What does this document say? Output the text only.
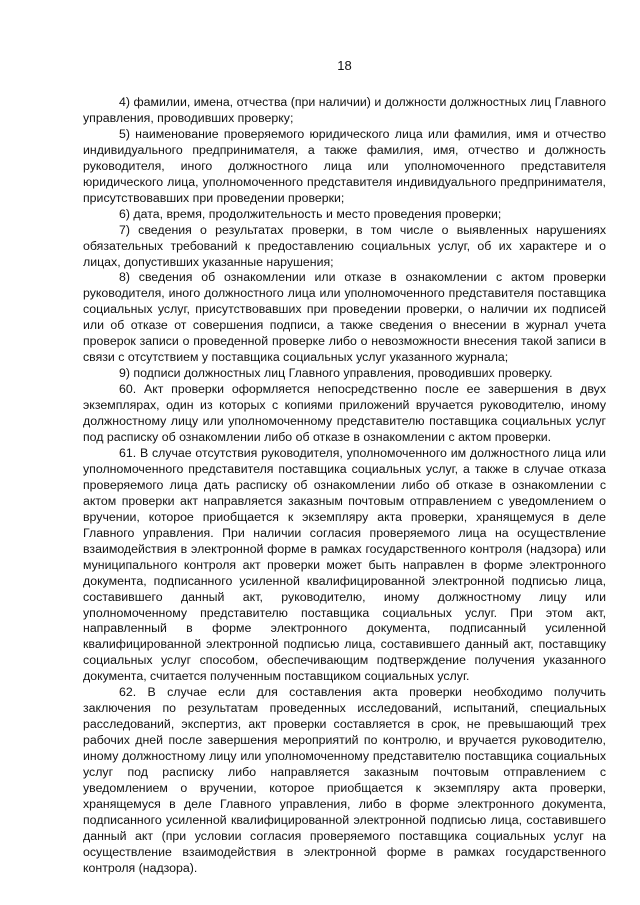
18

4) фамилии, имена, отчества (при наличии) и должности должностных лиц Главного управления, проводивших проверку;

5) наименование проверяемого юридического лица или фамилия, имя и отчество индивидуального предпринимателя, а также фамилия, имя, отчество и должность руководителя, иного должностного лица или уполномоченного представителя юридического лица, уполномоченного представителя индивидуального предпринимателя, присутствовавших при проведении проверки;

6) дата, время, продолжительность и место проведения проверки;

7) сведения о результатах проверки, в том числе о выявленных нарушениях обязательных требований к предоставлению социальных услуг, об их характере и о лицах, допустивших указанные нарушения;

8) сведения об ознакомлении или отказе в ознакомлении с актом проверки руководителя, иного должностного лица или уполномоченного представителя поставщика социальных услуг, присутствовавших при проведении проверки, о наличии их подписей или об отказе от совершения подписи, а также сведения о внесении в журнал учета проверок записи о проведенной проверке либо о невозможности внесения такой записи в связи с отсутствием у поставщика социальных услуг указанного журнала;

9) подписи должностных лиц Главного управления, проводивших проверку.

60. Акт проверки оформляется непосредственно после ее завершения в двух экземплярах, один из которых с копиями приложений вручается руководителю, иному должностному лицу или уполномоченному представителю поставщика социальных услуг под расписку об ознакомлении либо об отказе в ознакомлении с актом проверки.

61. В случае отсутствия руководителя, уполномоченного им должностного лица или уполномоченного представителя поставщика социальных услуг, а также в случае отказа проверяемого лица дать расписку об ознакомлении либо об отказе в ознакомлении с актом проверки акт направляется заказным почтовым отправлением с уведомлением о вручении, которое приобщается к экземпляру акта проверки, хранящемуся в деле Главного управления. При наличии согласия проверяемого лица на осуществление взаимодействия в электронной форме в рамках государственного контроля (надзора) или муниципального контроля акт проверки может быть направлен в форме электронного документа, подписанного усиленной квалифицированной электронной подписью лица, составившего данный акт, руководителю, иному должностному лицу или уполномоченному представителю поставщика социальных услуг. При этом акт, направленный в форме электронного документа, подписанный усиленной квалифицированной электронной подписью лица, составившего данный акт, поставщику социальных услуг способом, обеспечивающим подтверждение получения указанного документа, считается полученным поставщиком социальных услуг.

62. В случае если для составления акта проверки необходимо получить заключения по результатам проведенных исследований, испытаний, специальных расследований, экспертиз, акт проверки составляется в срок, не превышающий трех рабочих дней после завершения мероприятий по контролю, и вручается руководителю, иному должностному лицу или уполномоченному представителю поставщика социальных услуг под расписку либо направляется заказным почтовым отправлением с уведомлением о вручении, которое приобщается к экземпляру акта проверки, хранящемуся в деле Главного управления, либо в форме электронного документа, подписанного усиленной квалифицированной электронной подписью лица, составившего данный акт (при условии согласия проверяемого поставщика социальных услуг на осуществление взаимодействия в электронной форме в рамках государственного контроля (надзора).
